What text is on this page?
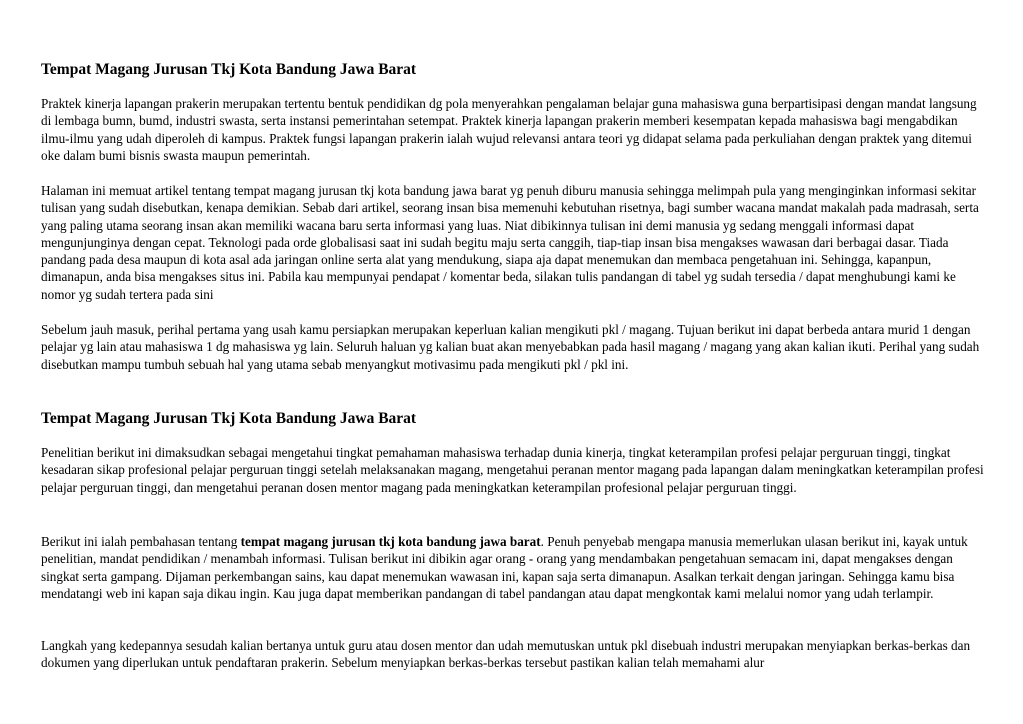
Tempat Magang Jurusan Tkj Kota Bandung Jawa Barat

Praktek kinerja lapangan prakerin merupakan tertentu bentuk pendidikan dg pola menyerahkan pengalaman belajar guna mahasiswa guna berpartisipasi dengan mandat langsung di lembaga bumn, bumd, industri swasta, serta instansi pemerintahan setempat. Praktek kinerja lapangan prakerin memberi kesempatan kepada mahasiswa bagi mengabdikan ilmu-ilmu yang udah diperoleh di kampus. Praktek fungsi lapangan prakerin ialah wujud relevansi antara teori yg didapat selama pada perkuliahan dengan praktek yang ditemui oke dalam bumi bisnis swasta maupun pemerintah.

Halaman ini memuat artikel tentang tempat magang jurusan tkj kota bandung jawa barat yg penuh diburu manusia sehingga melimpah pula yang menginginkan informasi sekitar tulisan yang sudah disebutkan, kenapa demikian. Sebab dari artikel, seorang insan bisa memenuhi kebutuhan risetnya, bagi sumber wacana mandat makalah pada madrasah, serta yang paling utama seorang insan akan memiliki wacana baru serta informasi yang luas. Niat dibikinnya tulisan ini demi manusia yg sedang menggali informasi dapat mengunjunginya dengan cepat. Teknologi pada orde globalisasi saat ini sudah begitu maju serta canggih, tiap-tiap insan bisa mengakses wawasan dari berbagai dasar. Tiada pandang pada desa maupun di kota asal ada jaringan online serta alat yang mendukung, siapa aja dapat menemukan dan membaca pengetahuan ini. Sehingga, kapanpun, dimanapun, anda bisa mengakses situs ini. Pabila kau mempunyai pendapat / komentar beda, silakan tulis pandangan di tabel yg sudah tersedia / dapat menghubungi kami ke nomor yg sudah tertera pada sini

Sebelum jauh masuk, perihal pertama yang usah kamu persiapkan merupakan keperluan kalian mengikuti pkl / magang. Tujuan berikut ini dapat berbeda antara murid 1 dengan pelajar yg lain atau mahasiswa 1 dg mahasiswa yg lain. Seluruh haluan yg kalian buat akan menyebabkan pada hasil magang / magang yang akan kalian ikuti. Perihal yang sudah disebutkan mampu tumbuh sebuah hal yang utama sebab menyangkut motivasimu pada mengikuti pkl / pkl ini.

Tempat Magang Jurusan Tkj Kota Bandung Jawa Barat

Penelitian berikut ini dimaksudkan sebagai mengetahui tingkat pemahaman mahasiswa terhadap dunia kinerja, tingkat keterampilan profesi pelajar perguruan tinggi, tingkat kesadaran sikap profesional pelajar perguruan tinggi setelah melaksanakan magang, mengetahui peranan mentor magang pada lapangan dalam meningkatkan keterampilan profesi pelajar perguruan tinggi, dan mengetahui peranan dosen mentor magang pada meningkatkan keterampilan profesional pelajar perguruan tinggi.

Berikut ini ialah pembahasan tentang tempat magang jurusan tkj kota bandung jawa barat. Penuh penyebab mengapa manusia memerlukan ulasan berikut ini, kayak untuk penelitian, mandat pendidikan / menambah informasi. Tulisan berikut ini dibikin agar orang - orang yang mendambakan pengetahuan semacam ini, dapat mengakses dengan singkat serta gampang. Dijaman perkembangan sains, kau dapat menemukan wawasan ini, kapan saja serta dimanapun. Asalkan terkait dengan jaringan. Sehingga kamu bisa mendatangi web ini kapan saja dikau ingin. Kau juga dapat memberikan pandangan di tabel pandangan atau dapat mengkontak kami melalui nomor yang udah terlampir.

Langkah yang kedepannya sesudah kalian bertanya untuk guru atau dosen mentor dan udah memutuskan untuk pkl disebuah industri merupakan menyiapkan berkas-berkas dan dokumen yang diperlukan untuk pendaftaran prakerin. Sebelum menyiapkan berkas-berkas tersebut pastikan kalian telah memahami alur
